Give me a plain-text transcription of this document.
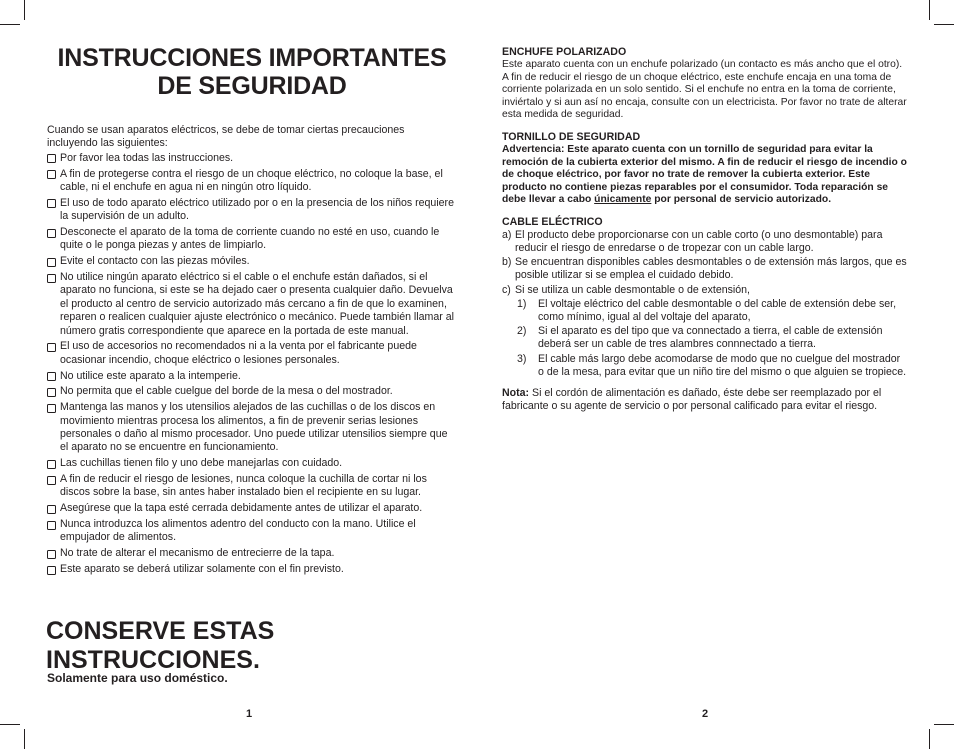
INSTRUCCIONES IMPORTANTES
DE SEGURIDAD

Cuando se usan aparatos eléctricos, se debe de tomar ciertas precauciones incluyendo las siguientes:

Por favor lea todas las instrucciones.
A fin de protegerse contra el riesgo de un choque eléctrico, no coloque la base, el cable, ni el enchufe en agua ni en ningún otro líquido.
El uso de todo aparato eléctrico utilizado por o en la presencia de los niños requiere la supervisión de un adulto.
Desconecte el aparato de la toma de corriente cuando no esté en uso, cuando le quite o le ponga piezas y antes de limpiarlo.
Evite el contacto con las piezas móviles.
No utilice ningún aparato eléctrico si el cable o el enchufe están dañados, si el aparato no funciona, si este se ha dejado caer o presenta cualquier daño. Devuelva el producto al centro de servicio autorizado más cercano a fin de que lo examinen, reparen o realicen cualquier ajuste electrónico o mecánico. Puede también llamar al número gratis correspondiente que aparece en la portada de este manual.
El uso de accesorios no recomendados ni a la venta por el fabricante puede ocasionar incendio, choque eléctrico o lesiones personales.
No utilice este aparato a la intemperie.
No permita que el cable cuelgue del borde de la mesa o del mostrador.
Mantenga las manos y los utensilios alejados de las cuchillas o de los discos en movimiento mientras procesa los alimentos, a fin de prevenir serias lesiones personales o daño al mismo procesador. Uno puede utilizar utensilios siempre que el aparato no se encuentre en funcionamiento.
Las cuchillas tienen filo y uno debe manejarlas con cuidado.
A fin de reducir el riesgo de lesiones, nunca coloque la cuchilla de cortar ni los discos sobre la base, sin antes haber instalado bien el recipiente en su lugar.
Asegúrese que la tapa esté cerrada debidamente antes de utilizar el aparato.
Nunca introduzca los alimentos adentro del conducto con la mano. Utilice el empujador de alimentos.
No trate de alterar el mecanismo de entrecierre de la tapa.
Este aparato se deberá utilizar solamente con el fin previsto.
CONSERVE ESTAS
INSTRUCCIONES.
Solamente para uso doméstico.
1

ENCHUFE POLARIZADO

Este aparato cuenta con un enchufe polarizado (un contacto es más ancho que el otro). A fin de reducir el riesgo de un choque eléctrico, este enchufe encaja en una toma de corriente polarizada en un solo sentido. Si el enchufe no entra en la toma de corriente, inviértalo y si aun así no encaja, consulte con un electricista. Por favor no trate de alterar esta medida de seguridad.

TORNILLO DE SEGURIDAD

Advertencia: Este aparato cuenta con un tornillo de seguridad para evitar la remoción de la cubierta exterior del mismo. A fin de reducir el riesgo de incendio o de choque eléctrico, por favor no trate de remover la cubierta exterior. Este producto no contiene piezas reparables por el consumidor. Toda reparación se debe llevar a cabo únicamente por personal de servicio autorizado.

CABLE ELÉCTRICO

a) El producto debe proporcionarse con un cable corto (o uno desmontable) para reducir el riesgo de enredarse o de tropezar con un cable largo.
b) Se encuentran disponibles cables desmontables o de extensión más largos, que es posible utilizar si se emplea el cuidado debido.
c) Si se utiliza un cable desmontable o de extensión,
1) El voltaje eléctrico del cable desmontable o del cable de extensión debe ser, como mínimo, igual al del voltaje del aparato,
2) Si el aparato es del tipo que va connectado a tierra, el cable de extensión deberá ser un cable de tres alambres connnectado a tierra.
3) El cable más largo debe acomodarse de modo que no cuelgue del mostrador o de la mesa, para evitar que un niño tire del mismo o que alguien se tropiece.

Nota: Si el cordón de alimentación es dañado, éste debe ser reemplazado por el fabricante o su agente de servicio o por personal calificado para evitar el riesgo.

2
